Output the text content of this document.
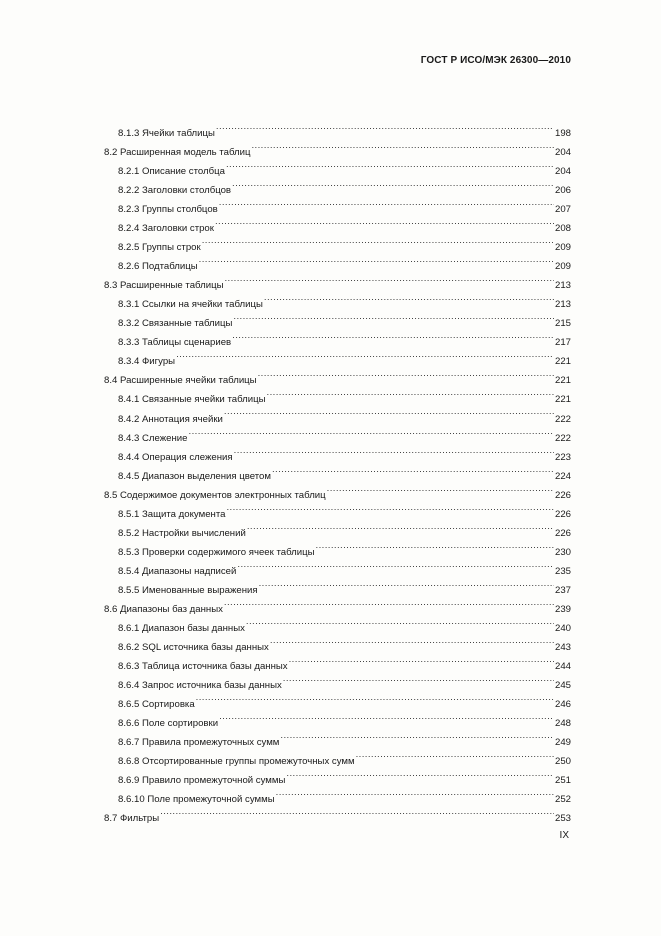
ГОСТ Р ИСО/МЭК 26300—2010
8.1.3 Ячейки таблицы .....	198
8.2 Расширенная модель таблиц .....	204
8.2.1 Описание столбца .....	204
8.2.2 Заголовки столбцов .....	206
8.2.3 Группы столбцов .....	207
8.2.4 Заголовки строк .....	208
8.2.5 Группы строк .....	209
8.2.6 Подтаблицы .....	209
8.3 Расширенные таблицы .....	213
8.3.1 Ссылки на ячейки таблицы .....	213
8.3.2 Связанные таблицы .....	215
8.3.3 Таблицы сценариев .....	217
8.3.4 Фигуры .....	221
8.4 Расширенные ячейки таблицы .....	221
8.4.1 Связанные ячейки таблицы .....	221
8.4.2 Аннотация ячейки .....	222
8.4.3 Слежение .....	222
8.4.4 Операция слежения .....	223
8.4.5 Диапазон выделения цветом .....	224
8.5 Содержимое документов электронных таблиц .....	226
8.5.1 Защита документа .....	226
8.5.2 Настройки вычислений .....	226
8.5.3 Проверки содержимого ячеек таблицы .....	230
8.5.4 Диапазоны надписей .....	235
8.5.5 Именованные выражения .....	237
8.6 Диапазоны баз данных .....	239
8.6.1 Диапазон базы данных .....	240
8.6.2 SQL источника базы данных .....	243
8.6.3 Таблица источника базы данных .....	244
8.6.4 Запрос источника базы данных .....	245
8.6.5 Сортировка .....	246
8.6.6 Поле сортировки .....	248
8.6.7 Правила промежуточных сумм .....	249
8.6.8 Отсортированные группы промежуточных сумм .....	250
8.6.9 Правило промежуточной суммы .....	251
8.6.10 Поле промежуточной суммы .....	252
8.7 Фильтры .....	253
IX
